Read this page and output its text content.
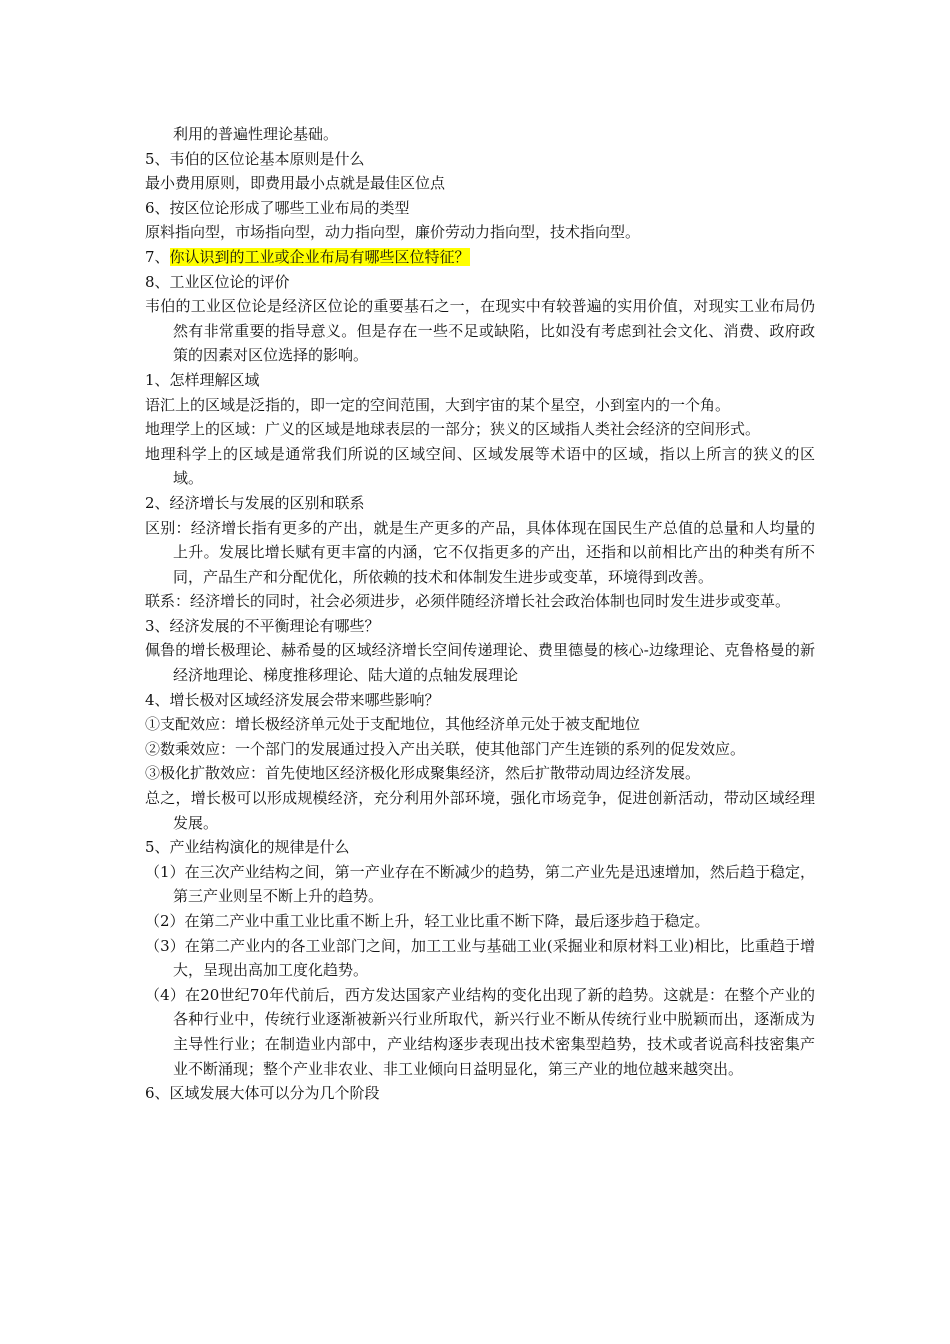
利用的普遍性理论基础。

5、韦伯的区位论基本原则是什么

最小费用原则，即费用最小点就是最佳区位点

6、按区位论形成了哪些工业布局的类型

原料指向型，市场指向型，动力指向型，廉价劳动力指向型，技术指向型。

7、你认识到的工业或企业布局有哪些区位特征？

8、工业区位论的评价

韦伯的工业区位论是经济区位论的重要基石之一，在现实中有较普遍的实用价值，对现实工业布局仍然有非常重要的指导意义。但是存在一些不足或缺陷，比如没有考虑到社会文化、消费、政府政策的因素对区位选择的影响。

1、怎样理解区域

语汇上的区域是泛指的，即一定的空间范围，大到宇宙的某个星空，小到室内的一个角。

地理学上的区域：广义的区域是地球表层的一部分；狭义的区域指人类社会经济的空间形式。

地理科学上的区域是通常我们所说的区域空间、区域发展等术语中的区域，指以上所言的狭义的区域。

2、经济增长与发展的区别和联系

区别：经济增长指有更多的产出，就是生产更多的产品，具体体现在国民生产总值的总量和人均量的上升。发展比增长赋有更丰富的内涵，它不仅指更多的产出，还指和以前相比产出的种类有所不同，产品生产和分配优化，所依赖的技术和体制发生进步或变革，环境得到改善。

联系：经济增长的同时，社会必须进步，必须伴随经济增长社会政治体制也同时发生进步或变革。

3、经济发展的不平衡理论有哪些？

佩鲁的增长极理论、赫希曼的区域经济增长空间传递理论、费里德曼的核心-边缘理论、克鲁格曼的新经济地理论、梯度推移理论、陆大道的点轴发展理论

4、增长极对区域经济发展会带来哪些影响？

①支配效应：增长极经济单元处于支配地位，其他经济单元处于被支配地位

②数乘效应：一个部门的发展通过投入产出关联，使其他部门产生连锁的系列的促发效应。

③极化扩散效应：首先使地区经济极化形成聚集经济，然后扩散带动周边经济发展。

总之，增长极可以形成规模经济，充分利用外部环境，强化市场竞争，促进创新活动，带动区域经理发展。

5、产业结构演化的规律是什么

（1）在三次产业结构之间，第一产业存在不断减少的趋势，第二产业先是迅速增加，然后趋于稳定，第三产业则呈不断上升的趋势。

（2）在第二产业中重工业比重不断上升，轻工业比重不断下降，最后逐步趋于稳定。

（3）在第二产业内的各工业部门之间，加工工业与基础工业(采掘业和原材料工业)相比，比重趋于增大，呈现出高加工度化趋势。

（4）在20世纪70年代前后，西方发达国家产业结构的变化出现了新的趋势。这就是：在整个产业的各种行业中，传统行业逐渐被新兴行业所取代，新兴行业不断从传统行业中脱颖而出，逐渐成为主导性行业；在制造业内部中，产业结构逐步表现出技术密集型趋势，技术或者说高科技密集产业不断涌现；整个产业非农业、非工业倾向日益明显化，第三产业的地位越来越突出。

6、区域发展大体可以分为几个阶段
